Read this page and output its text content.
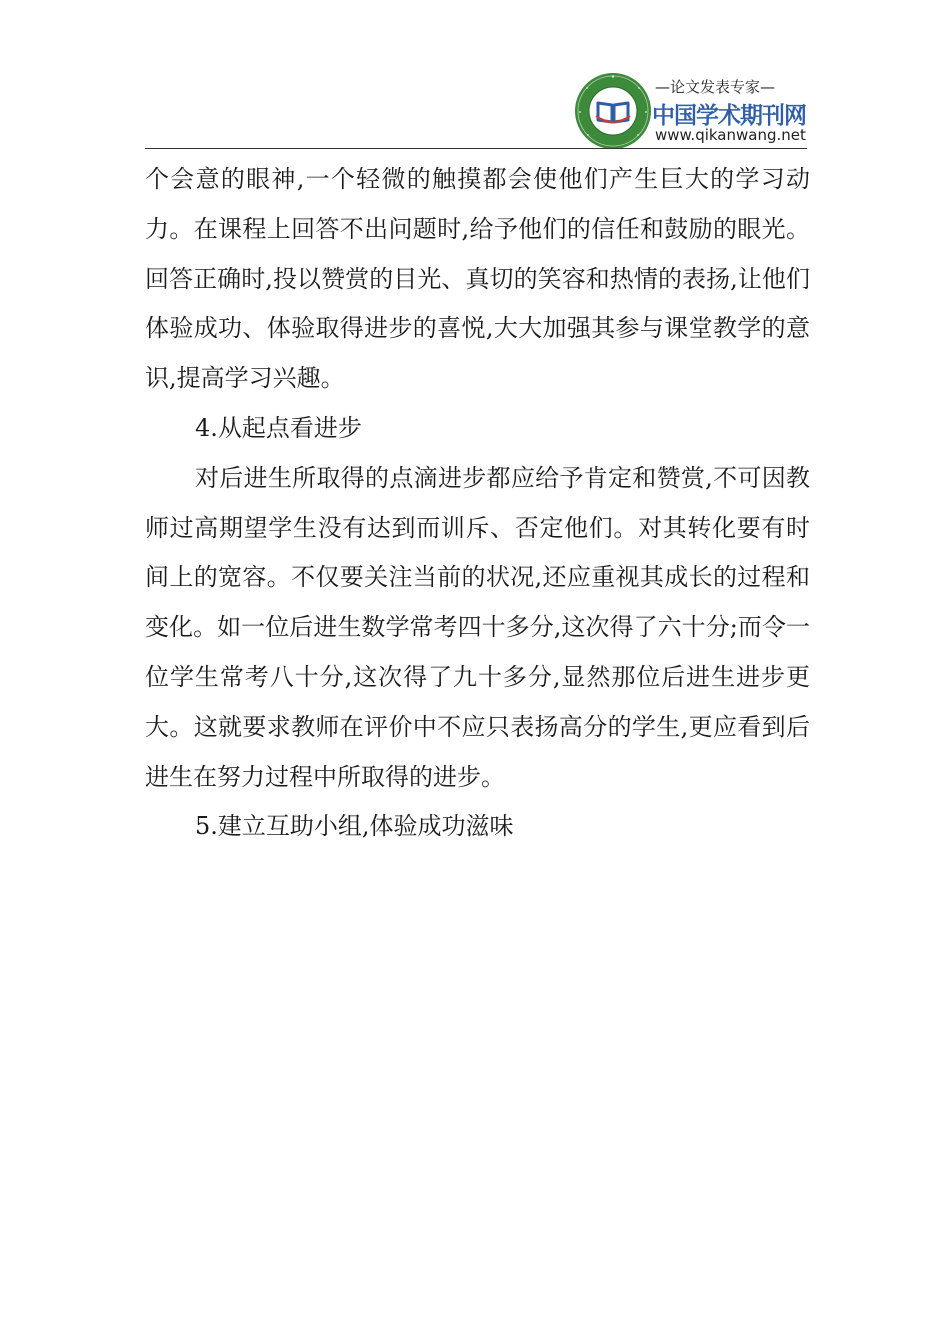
—论文发表专家—
中国学术期刊网
www.qikanwang.net

个会意的眼神,一个轻微的触摸都会使他们产生巨大的学习动力。在课程上回答不出问题时,给予他们的信任和鼓励的眼光。回答正确时,投以赞赏的目光、真切的笑容和热情的表扬,让他们体验成功、体验取得进步的喜悦,大大加强其参与课堂教学的意识,提高学习兴趣。

4.从起点看进步

对后进生所取得的点滴进步都应给予肯定和赞赏,不可因教师过高期望学生没有达到而训斥、否定他们。对其转化要有时间上的宽容。不仅要关注当前的状况,还应重视其成长的过程和变化。如一位后进生数学常考四十多分,这次得了六十分;而令一位学生常考八十分,这次得了九十多分,显然那位后进生进步更大。这就要求教师在评价中不应只表扬高分的学生,更应看到后进生在努力过程中所取得的进步。

5.建立互助小组,体验成功滋味
